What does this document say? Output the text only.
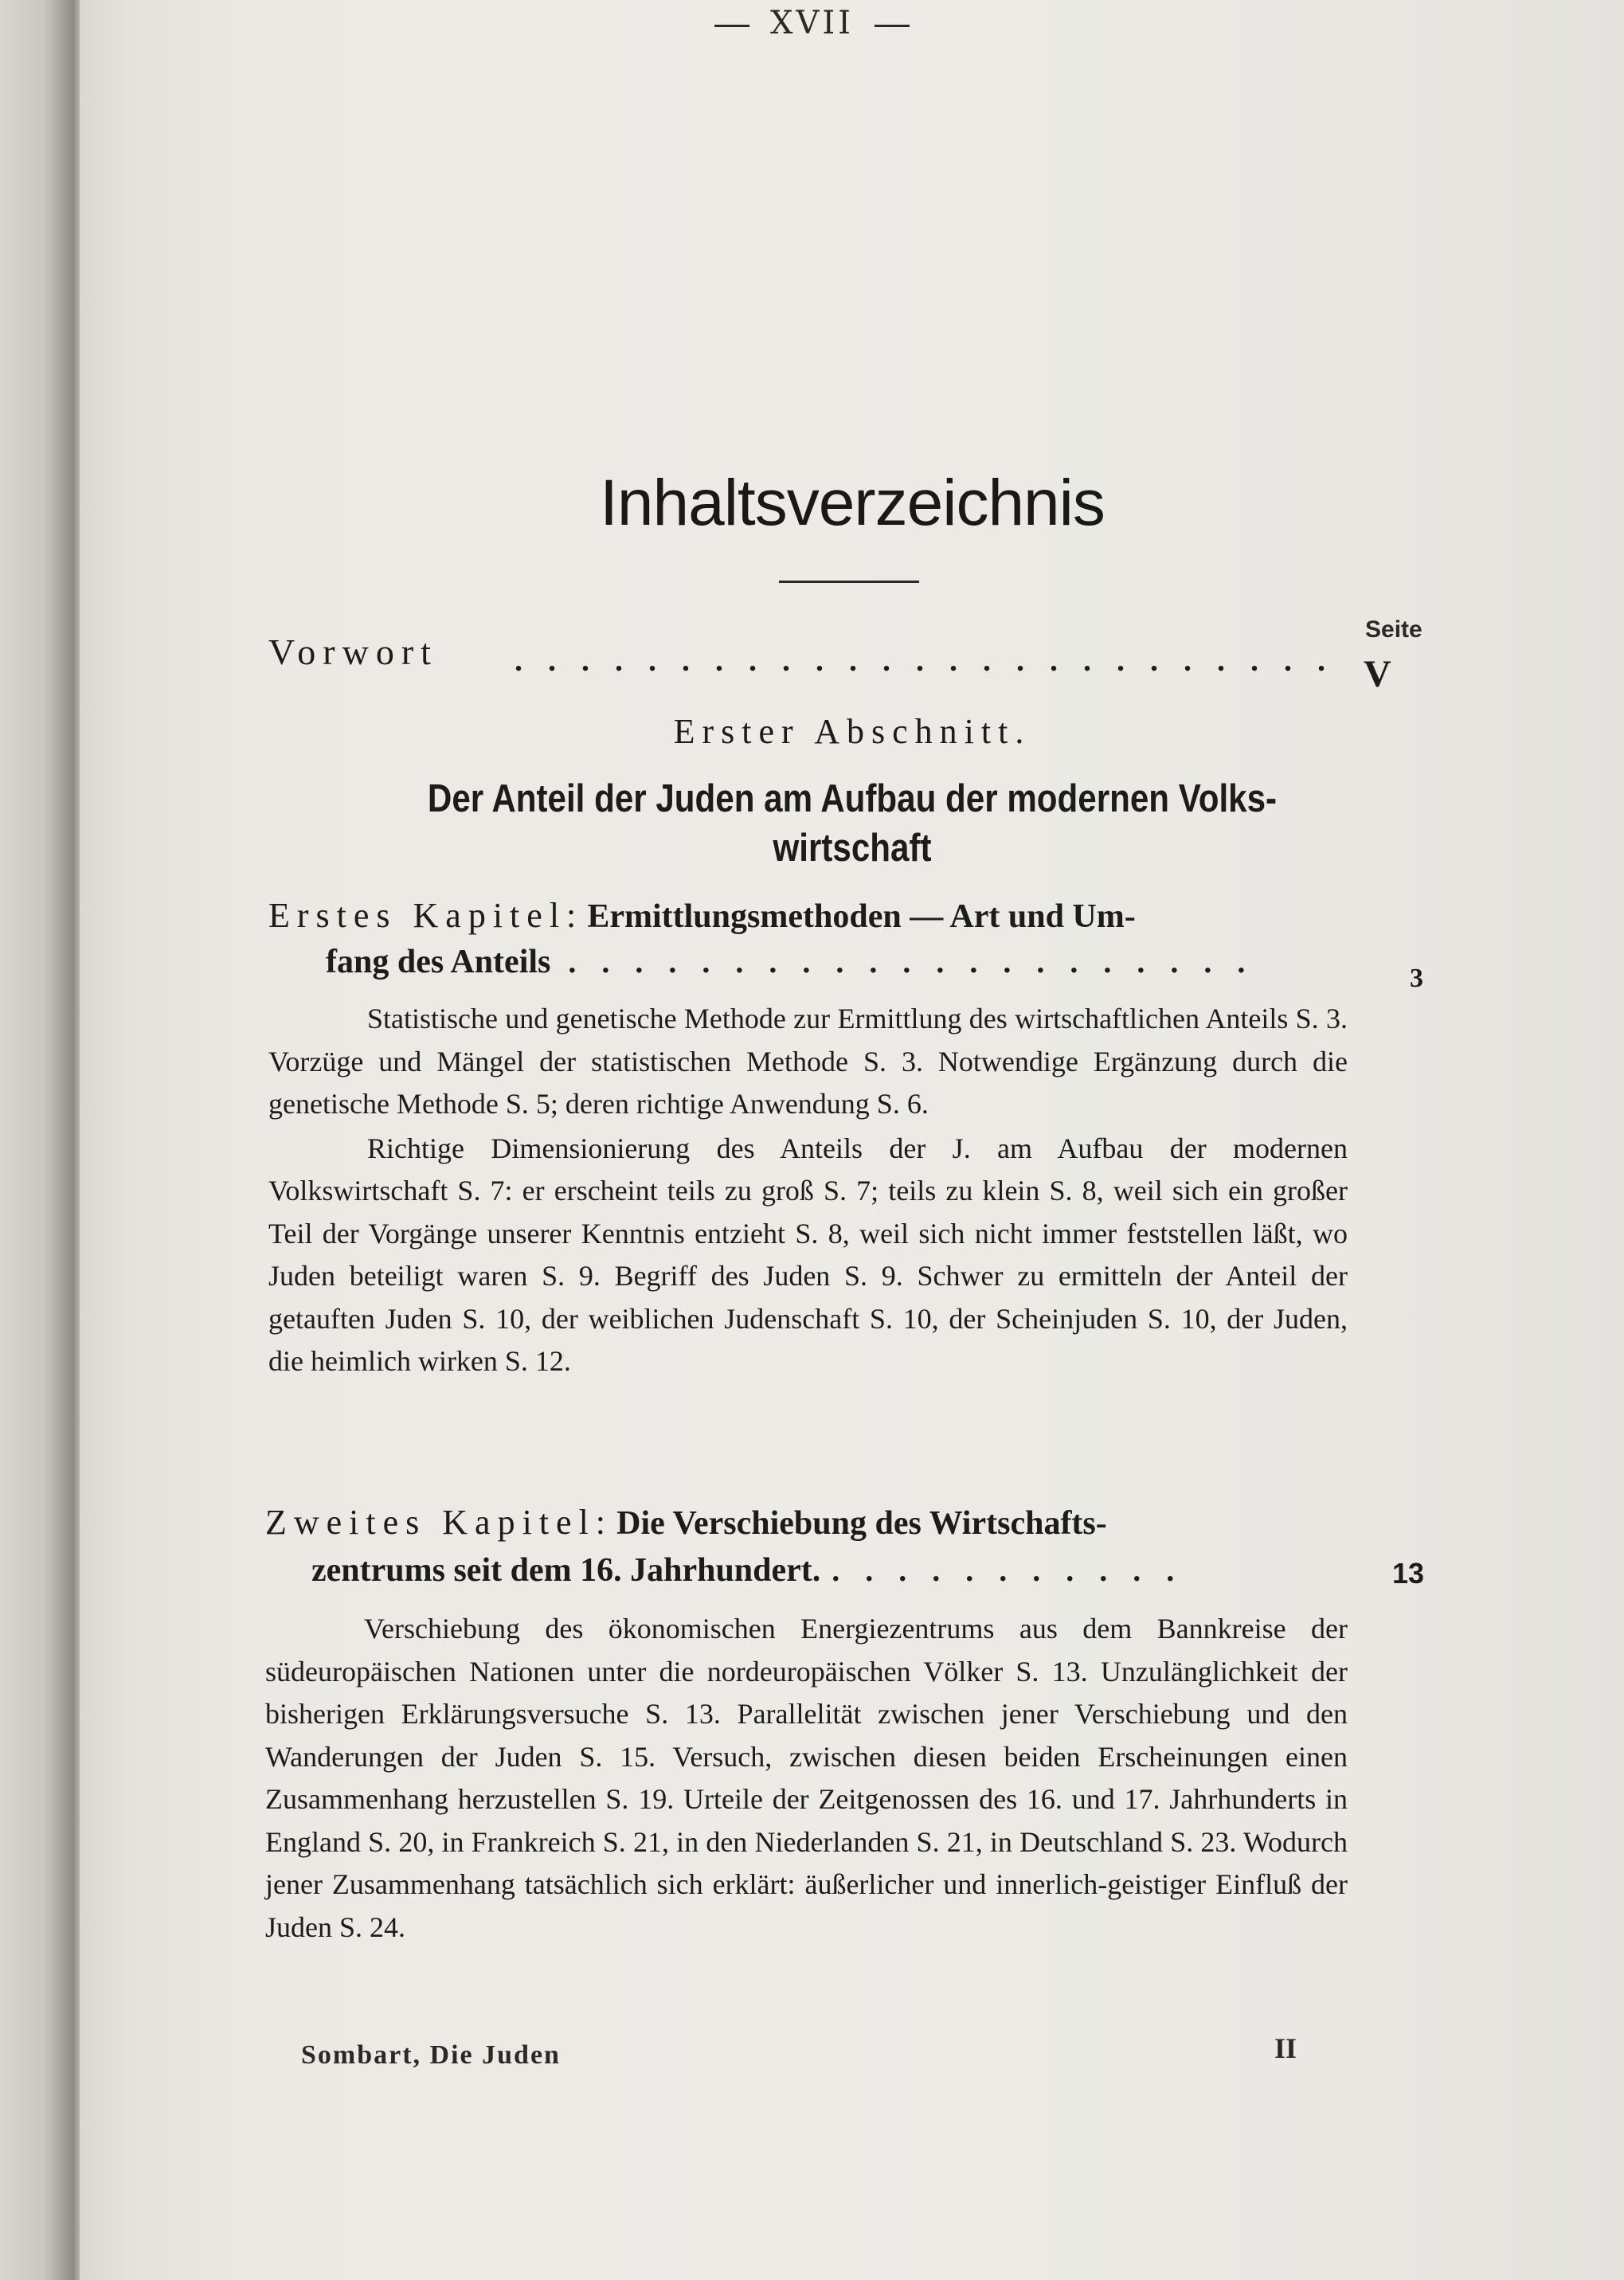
XVII
Inhaltsverzeichnis
Seite
Vorwort . . . . . . . . . . . . . . . . . . . . . . . . . V
Erster Abschnitt.
Der Anteil der Juden am Aufbau der modernen Volks-
wirtschaft
Erstes Kapitel: Ermittlungsmethoden — Art und Um-
fang des Anteils . . . . . . . . . . . . . . . . . . . . .	3

Statistische und genetische Methode zur Ermittlung des wirtschaftlichen Anteils S. 3. Vorzüge und Mängel der statistischen Methode S. 3. Notwendige Ergänzung durch die genetische Methode S. 5; deren richtige Anwendung S. 6.

Richtige Dimensionierung des Anteils der J. am Aufbau der modernen Volkswirtschaft S. 7: er erscheint teils zu groß S. 7; teils zu klein S. 8, weil sich ein großer Teil der Vorgänge unserer Kenntnis entzieht S. 8, weil sich nicht immer feststellen läßt, wo Juden beteiligt waren S. 9. Begriff des Juden S. 9. Schwer zu ermitteln der Anteil der getauften Juden S. 10, der weiblichen Judenschaft S. 10, der Scheinjuden S. 10, der Juden, die heimlich wirken S. 12.

Zweites Kapitel: Die Verschiebung des Wirtschafts-
zentrums seit dem 16. Jahrhundert. . . . . . . . . . . .	13

Verschiebung des ökonomischen Energiezentrums aus dem Bannkreise der südeuropäischen Nationen unter die nordeuropäischen Völker S. 13. Unzulänglichkeit der bisherigen Erklärungsversuche S. 13. Parallelität zwischen jener Verschiebung und den Wanderungen der Juden S. 15. Versuch, zwischen diesen beiden Erscheinungen einen Zusammenhang herzustellen S. 19. Urteile der Zeitgenossen des 16. und 17. Jahrhunderts in England S. 20, in Frankreich S. 21, in den Niederlanden S. 21, in Deutschland S. 23. Wodurch jener Zusammenhang tatsächlich sich erklärt: äußerlicher und innerlich-geistiger Einfluß der Juden S. 24.

Sombart, Die Juden	II
